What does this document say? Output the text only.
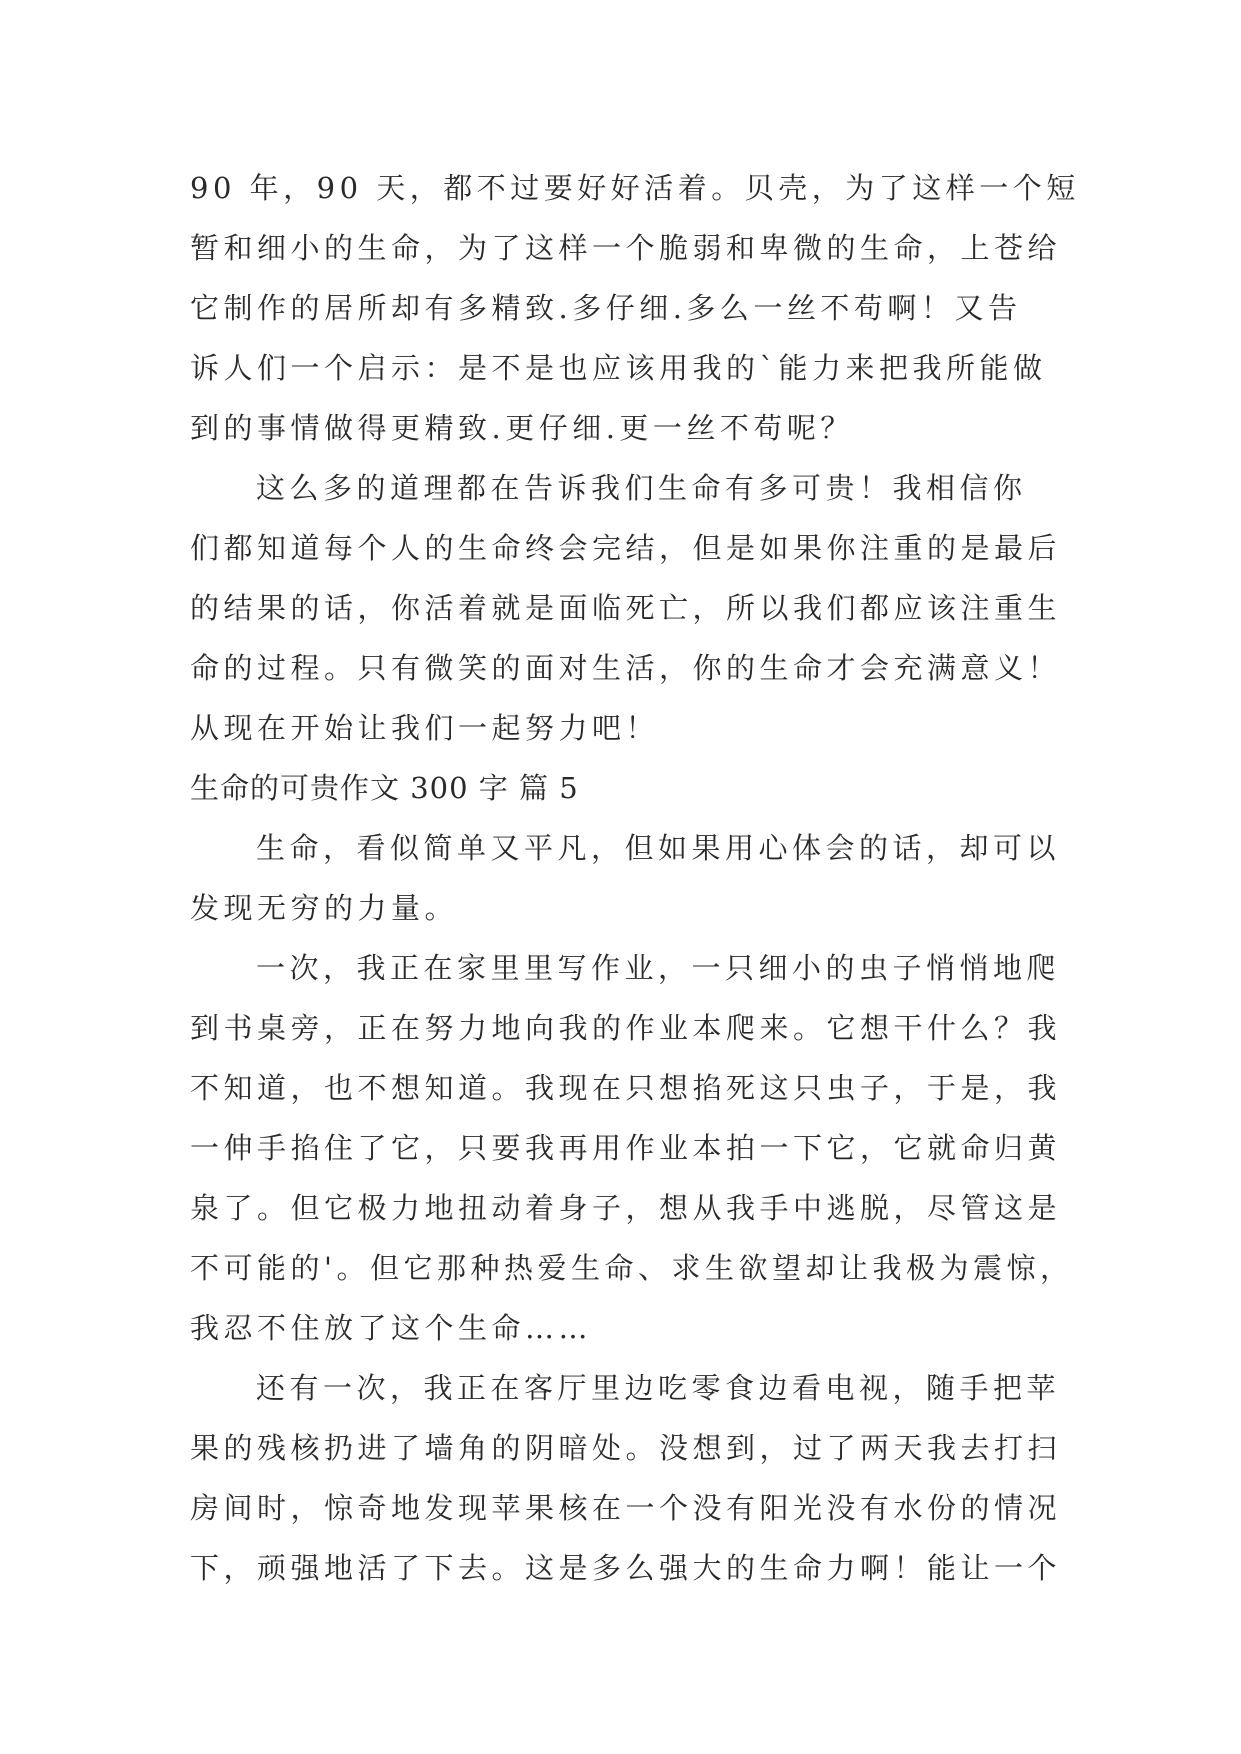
90 年，90 天，都不过要好好活着。贝壳，为了这样一个短
暂和细小的生命，为了这样一个脆弱和卑微的生命，上苍给
它制作的居所却有多精致.多仔细.多么一丝不苟啊！又告
诉人们一个启示：是不是也应该用我的`能力来把我所能做
到的事情做得更精致.更仔细.更一丝不苟呢？
这么多的道理都在告诉我们生命有多可贵！我相信你
们都知道每个人的生命终会完结，但是如果你注重的是最后
的结果的话，你活着就是面临死亡，所以我们都应该注重生
命的过程。只有微笑的面对生活，你的生命才会充满意义！
从现在开始让我们一起努力吧！
生命的可贵作文 300 字 篇 5
生命，看似简单又平凡，但如果用心体会的话，却可以
发现无穷的力量。
一次，我正在家里里写作业，一只细小的虫子悄悄地爬
到书桌旁，正在努力地向我的作业本爬来。它想干什么？我
不知道，也不想知道。我现在只想掐死这只虫子，于是，我
一伸手掐住了它，只要我再用作业本拍一下它，它就命归黄
泉了。但它极力地扭动着身子，想从我手中逃脱，尽管这是
不可能的'。但它那种热爱生命、求生欲望却让我极为震惊，
我忍不住放了这个生命……
还有一次，我正在客厅里边吃零食边看电视，随手把苹
果的残核扔进了墙角的阴暗处。没想到，过了两天我去打扫
房间时，惊奇地发现苹果核在一个没有阳光没有水份的情况
下，顽强地活了下去。这是多么强大的生命力啊！能让一个
